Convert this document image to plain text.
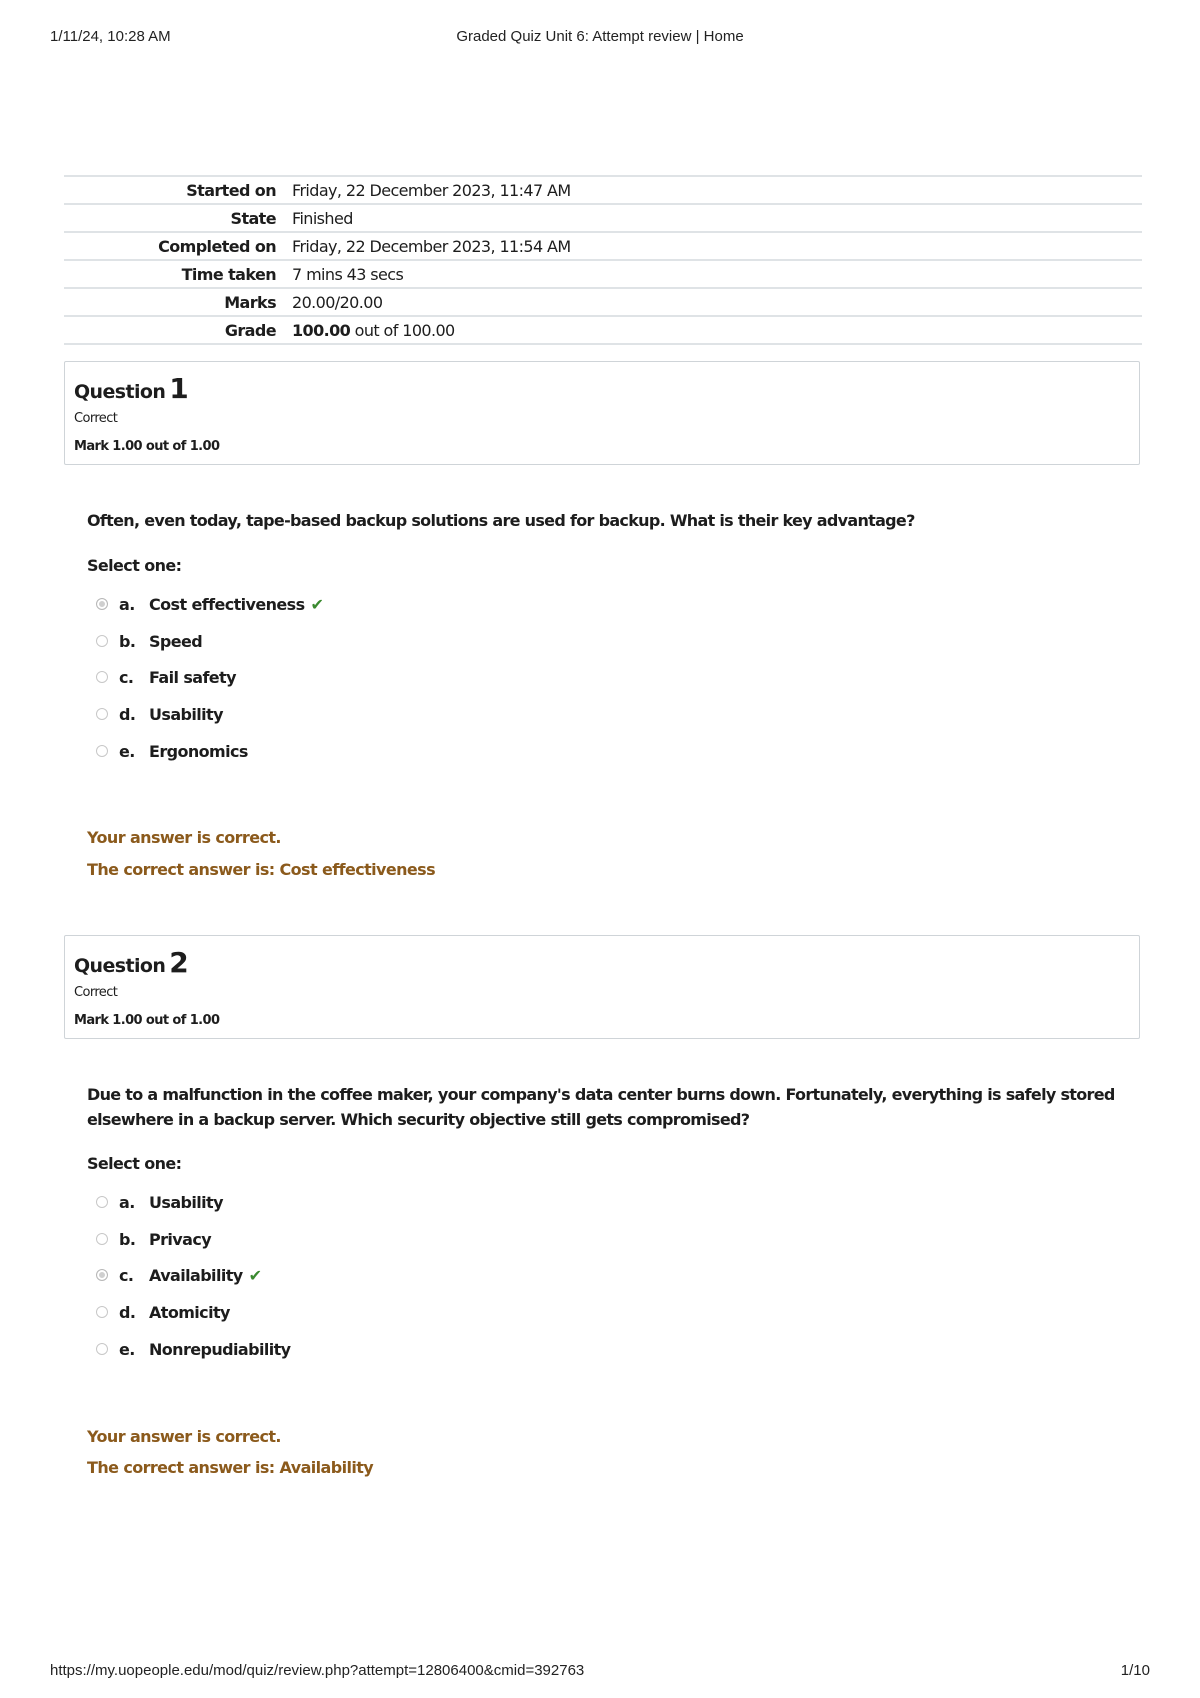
1/11/24, 10:28 AM	Graded Quiz Unit 6: Attempt review | Home
Started on	Friday, 22 December 2023, 11:47 AM
State	Finished
Completed on	Friday, 22 December 2023, 11:54 AM
Time taken	7 mins 43 secs
Marks	20.00/20.00
Grade	100.00 out of 100.00
Question 1
Correct
Mark 1.00 out of 1.00
Often, even today, tape-based backup solutions are used for backup. What is their key advantage?
Select one:
a. Cost effectiveness ✔
b. Speed
c. Fail safety
d. Usability
e. Ergonomics
Your answer is correct.
The correct answer is: Cost effectiveness
Question 2
Correct
Mark 1.00 out of 1.00
Due to a malfunction in the coffee maker, your company's data center burns down. Fortunately, everything is safely stored elsewhere in a backup server. Which security objective still gets compromised?
Select one:
a. Usability
b. Privacy
c. Availability ✔
d. Atomicity
e. Nonrepudiability
Your answer is correct.
The correct answer is: Availability
https://my.uopeople.edu/mod/quiz/review.php?attempt=12806400&cmid=392763	1/10
